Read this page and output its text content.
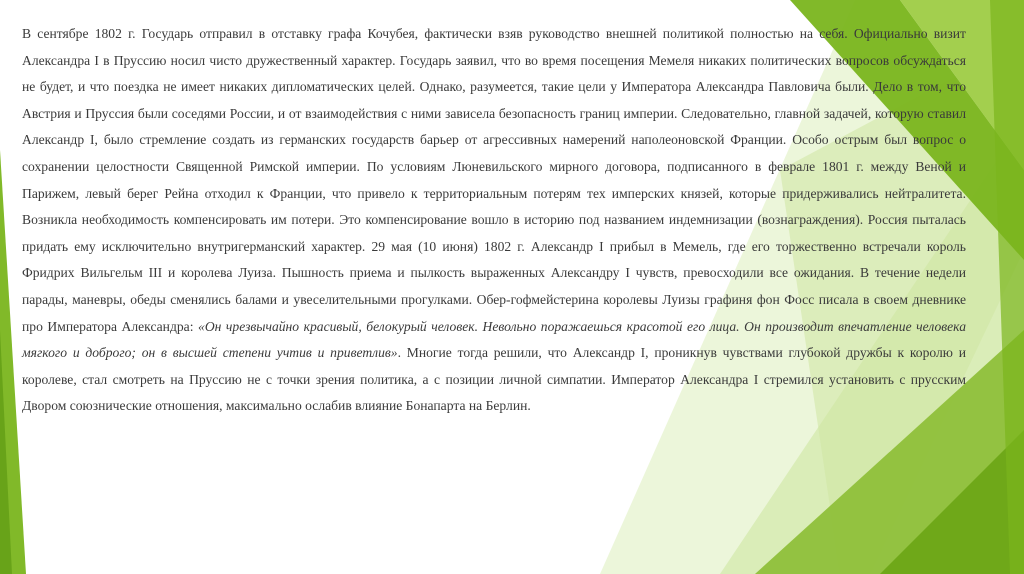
В сентябре 1802 г. Государь отправил в отставку графа Кочубея, фактически взяв руководство внешней политикой полностью на себя. Официально визит Александра I в Пруссию носил чисто дружественный характер. Государь заявил, что во время посещения Мемеля никаких политических вопросов обсуждаться не будет, и что поездка не имеет никаких дипломатических целей. Однако, разумеется, такие цели у Императора Александра Павловича были. Дело в том, что Австрия и Пруссия были соседями России, и от взаимодействия с ними зависела безопасность границ империи. Следовательно, главной задачей, которую ставил Александр I, было стремление создать из германских государств барьер от агрессивных намерений наполеоновской Франции. Особо острым был вопрос о сохранении целостности Священной Римской империи. По условиям Люневильского мирного договора, подписанного в феврале 1801 г. между Веной и Парижем, левый берег Рейна отходил к Франции, что привело к территориальным потерям тех имперских князей, которые придерживались нейтралитета. Возникла необходимость компенсировать им потери. Это компенсирование вошло в историю под названием индемнизации (вознаграждения). Россия пыталась придать ему исключительно внутригерманский характер. 29 мая (10 июня) 1802 г. Александр I прибыл в Мемель, где его торжественно встречали король Фридрих Вильгельм III и королева Луиза. Пышность приема и пылкость выраженных Александру I чувств, превосходили все ожидания. В течение недели парады, маневры, обеды сменялись балами и увеселительными прогулками. Обер-гофмейстерина королевы Луизы графиня фон Фосс писала в своем дневнике про Императора Александра: «Он чрезвычайно красивый, белокурый человек. Невольно поражаешься красотой его лица. Он производит впечатление человека мягкого и доброго; он в высшей степени учтив и приветлив». Многие тогда решили, что Александр I, проникнув чувствами глубокой дружбы к королю и королеве, стал смотреть на Пруссию не с точки зрения политика, а с позиции личной симпатии. Император Александра I стремился установить с прусским Двором союзнические отношения, максимально ослабив влияние Бонапарта на Берлин.
